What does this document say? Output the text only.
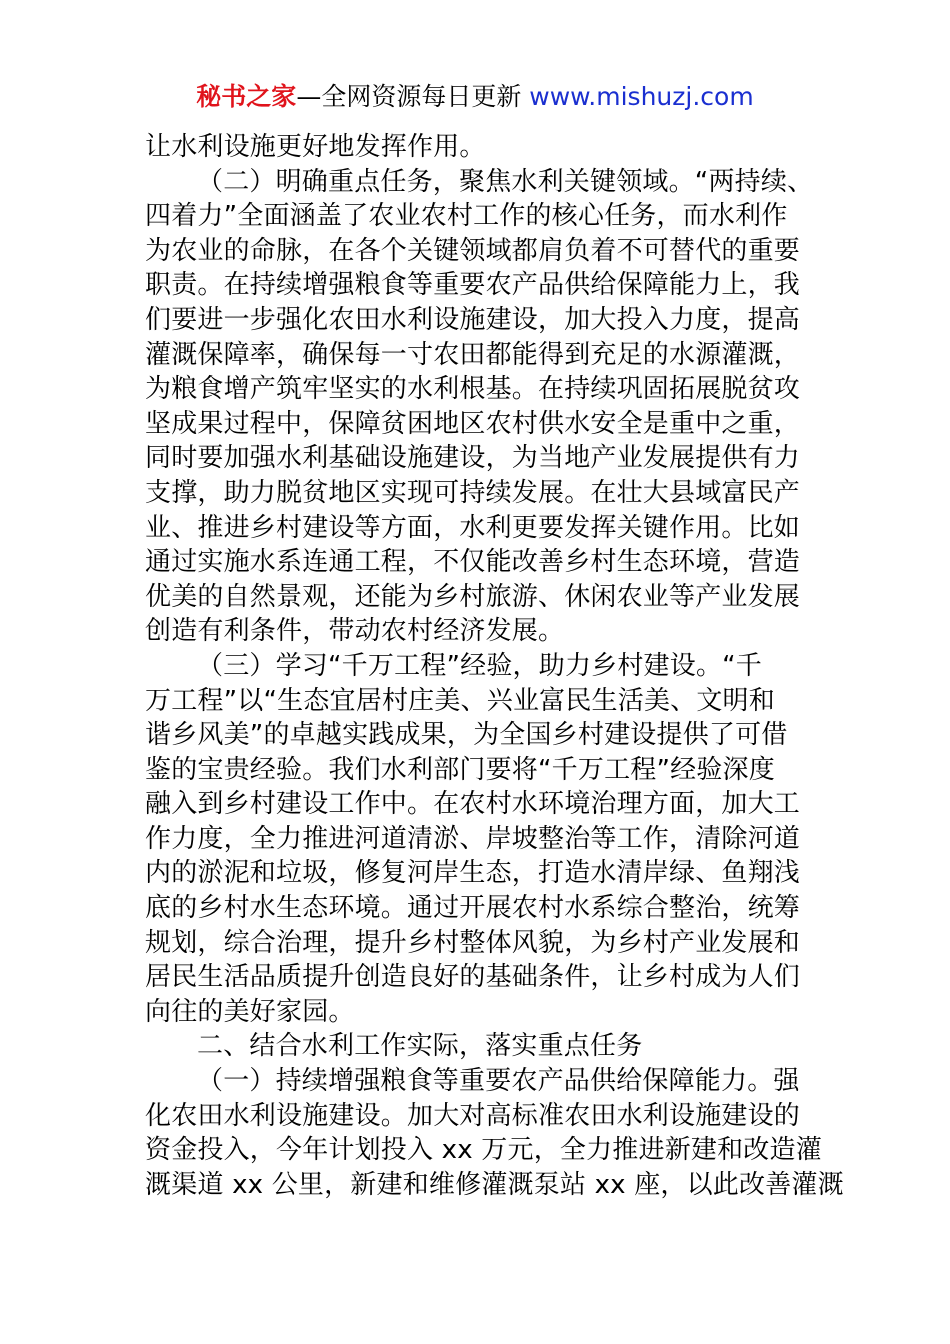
秘书之家—全网资源每日更新 www.mishuzj.com
让水利设施更好地发挥作用。
（二）明确重点任务，聚焦水利关键领域。“两持续、
四着力”全面涵盖了农业农村工作的核心任务，而水利作
为农业的命脉，在各个关键领域都肩负着不可替代的重要
职责。在持续增强粮食等重要农产品供给保障能力上，我
们要进一步强化农田水利设施建设，加大投入力度，提高
灌溉保障率，确保每一寸农田都能得到充足的水源灌溉，
为粮食增产筑牢坚实的水利根基。在持续巩固拓展脱贫攻
坚成果过程中，保障贫困地区农村供水安全是重中之重，
同时要加强水利基础设施建设，为当地产业发展提供有力
支撑，助力脱贫地区实现可持续发展。在壮大县域富民产
业、推进乡村建设等方面，水利更要发挥关键作用。比如
通过实施水系连通工程，不仅能改善乡村生态环境，营造
优美的自然景观，还能为乡村旅游、休闲农业等产业发展
创造有利条件，带动农村经济发展。
（三）学习“千万工程”经验，助力乡村建设。“千
万工程”以“生态宜居村庄美、兴业富民生活美、文明和
谐乡风美”的卓越实践成果，为全国乡村建设提供了可借
鉴的宝贵经验。我们水利部门要将“千万工程”经验深度
融入到乡村建设工作中。在农村水环境治理方面，加大工
作力度，全力推进河道清淤、岸坡整治等工作，清除河道
内的淤泥和垃圾，修复河岸生态，打造水清岸绿、鱼翔浅
底的乡村水生态环境。通过开展农村水系综合整治，统筹
规划，综合治理，提升乡村整体风貌，为乡村产业发展和
居民生活品质提升创造良好的基础条件，让乡村成为人们
向往的美好家园。
二、结合水利工作实际，落实重点任务
（一）持续增强粮食等重要农产品供给保障能力。强
化农田水利设施建设。加大对高标准农田水利设施建设的
资金投入，今年计划投入 xx 万元，全力推进新建和改造灌
溉渠道 xx 公里，新建和维修灌溉泵站 xx 座，以此改善灌溉
